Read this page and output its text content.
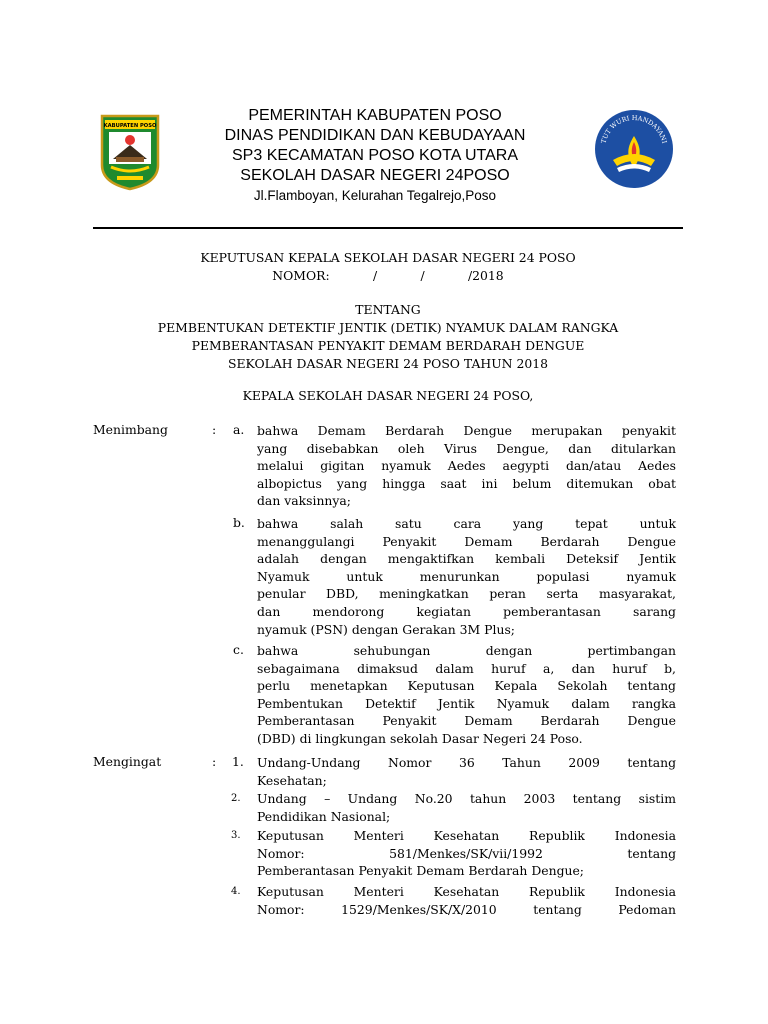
KABUPATEN POSO
PEMERINTAH KABUPATEN POSO
DINAS PENDIDIKAN DAN KEBUDAYAAN
SP3 KECAMATAN POSO KOTA UTARA
SEKOLAH DASAR NEGERI 24POSO
Jl.Flamboyan, Kelurahan Tegalrejo,Poso
TUT WURI HANDAYANI
KEPUTUSAN KEPALA SEKOLAH DASAR NEGERI 24 POSO
NOMOR:           /           /           /2018
TENTANG
PEMBENTUKAN DETEKTIF JENTIK (DETIK) NYAMUK DALAM RANGKA
PEMBERANTASAN PENYAKIT DEMAM BERDARAH DENGUE
SEKOLAH DASAR NEGERI 24 POSO TAHUN 2018
KEPALA SEKOLAH DASAR NEGERI 24 POSO,
Menimbang	: a. bahwa Demam Berdarah Dengue merupakan penyakit
yang disebabkan oleh Virus Dengue, dan ditularkan
melalui gigitan nyamuk Aedes aegypti dan/atau Aedes
albopictus yang hingga saat ini belum ditemukan obat
dan vaksinnya;
b. bahwa salah satu cara yang tepat untuk
menanggulangi Penyakit Demam Berdarah Dengue
adalah dengan mengaktifkan kembali Deteksif Jentik
Nyamuk untuk menurunkan populasi nyamuk
penular DBD, meningkatkan peran serta masyarakat,
dan mendorong kegiatan pemberantasan sarang
nyamuk (PSN) dengan Gerakan 3M Plus;
c. bahwa sehubungan dengan pertimbangan
sebagaimana dimaksud dalam huruf a, dan huruf b,
perlu menetapkan Keputusan Kepala Sekolah tentang
Pembentukan Detektif Jentik Nyamuk dalam rangka
Pemberantasan Penyakit Demam Berdarah Dengue
(DBD) di lingkungan sekolah Dasar Negeri 24 Poso.
Mengingat	: 1. Undang-Undang Nomor 36 Tahun 2009 tentang
Kesehatan;
2. Undang – Undang No.20 tahun 2003 tentang sistim
Pendidikan Nasional;
3. Keputusan Menteri Kesehatan Republik Indonesia
Nomor: 581/Menkes/SK/vii/1992 tentang
Pemberantasan Penyakit Demam Berdarah Dengue;
4. Keputusan Menteri Kesehatan Republik Indonesia
Nomor: 1529/Menkes/SK/X/2010 tentang Pedoman
